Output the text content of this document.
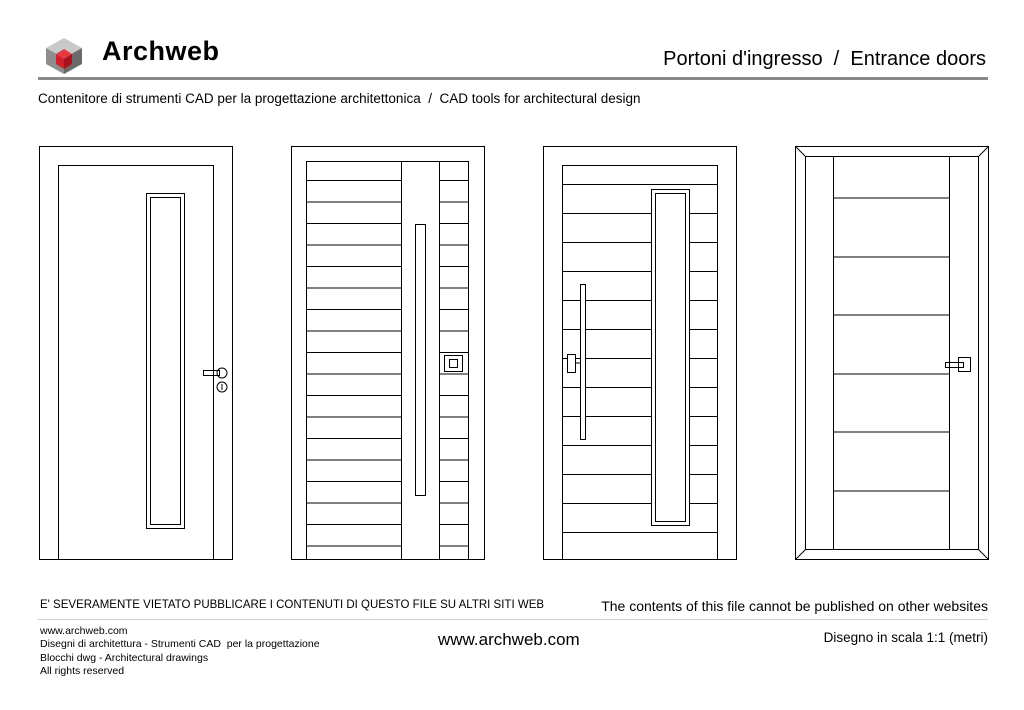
Archweb	Portoni d'ingresso  /  Entrance doors
Contenitore di strumenti CAD per la progettazione architettonica  /  CAD tools for architectural design
E' SEVERAMENTE VIETATO PUBBLICARE I CONTENUTI DI QUESTO FILE SU ALTRI SITI WEB	The contents of this file cannot be published on other websites
www.archweb.com
Disegni di architettura - Strumenti CAD  per la progettazione
Blocchi dwg - Architectural drawings
All rights reserved
www.archweb.com	Disegno in scala 1:1 (metri)
